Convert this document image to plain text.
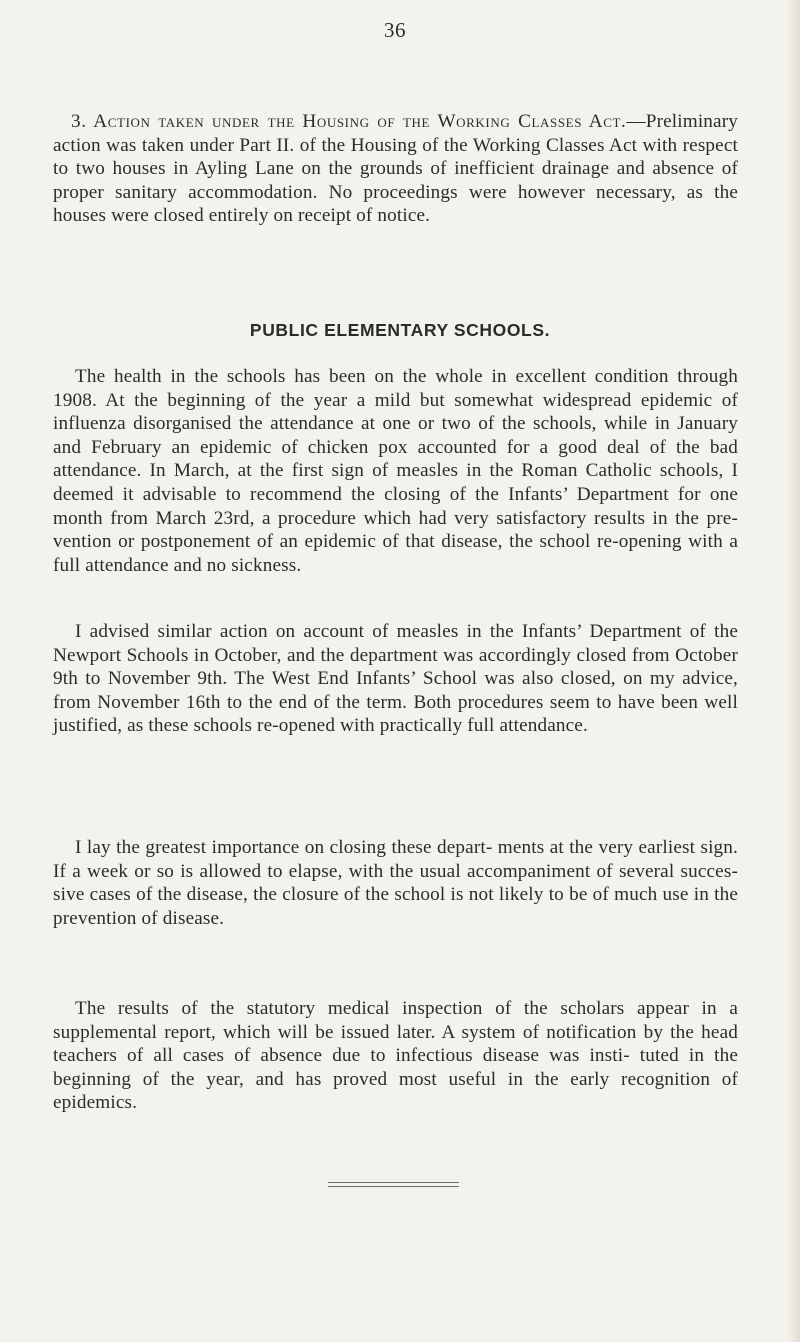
36
3. Action taken under the Housing of the Working Classes Act.—Preliminary action was taken under Part II. of the Housing of the Working Classes Act with respect to two houses in Ayling Lane on the grounds of inefficient drainage and absence of proper sanitary accommodation. No proceedings were however necessary, as the houses were closed entirely on receipt of notice.
PUBLIC ELEMENTARY SCHOOLS.
The health in the schools has been on the whole in excellent condition through 1908. At the beginning of the year a mild but somewhat widespread epidemic of influenza disorganised the attendance at one or two of the schools, while in January and February an epidemic of chicken pox accounted for a good deal of the bad attendance. In March, at the first sign of measles in the Roman Catholic schools, I deemed it advisable to recommend the closing of the Infants’ Department for one month from March 23rd, a procedure which had very satisfactory results in the pre- vention or postponement of an epidemic of that disease, the school re-opening with a full attendance and no sickness.
I advised similar action on account of measles in the Infants’ Department of the Newport Schools in October, and the department was accordingly closed from October 9th to November 9th. The West End Infants’ School was also closed, on my advice, from November 16th to the end of the term. Both procedures seem to have been well justified, as these schools re-opened with practically full attendance.
I lay the greatest importance on closing these depart- ments at the very earliest sign. If a week or so is allowed to elapse, with the usual accompaniment of several succes- sive cases of the disease, the closure of the school is not likely to be of much use in the prevention of disease.
The results of the statutory medical inspection of the scholars appear in a supplemental report, which will be issued later. A system of notification by the head teachers of all cases of absence due to infectious disease was insti- tuted in the beginning of the year, and has proved most useful in the early recognition of epidemics.
